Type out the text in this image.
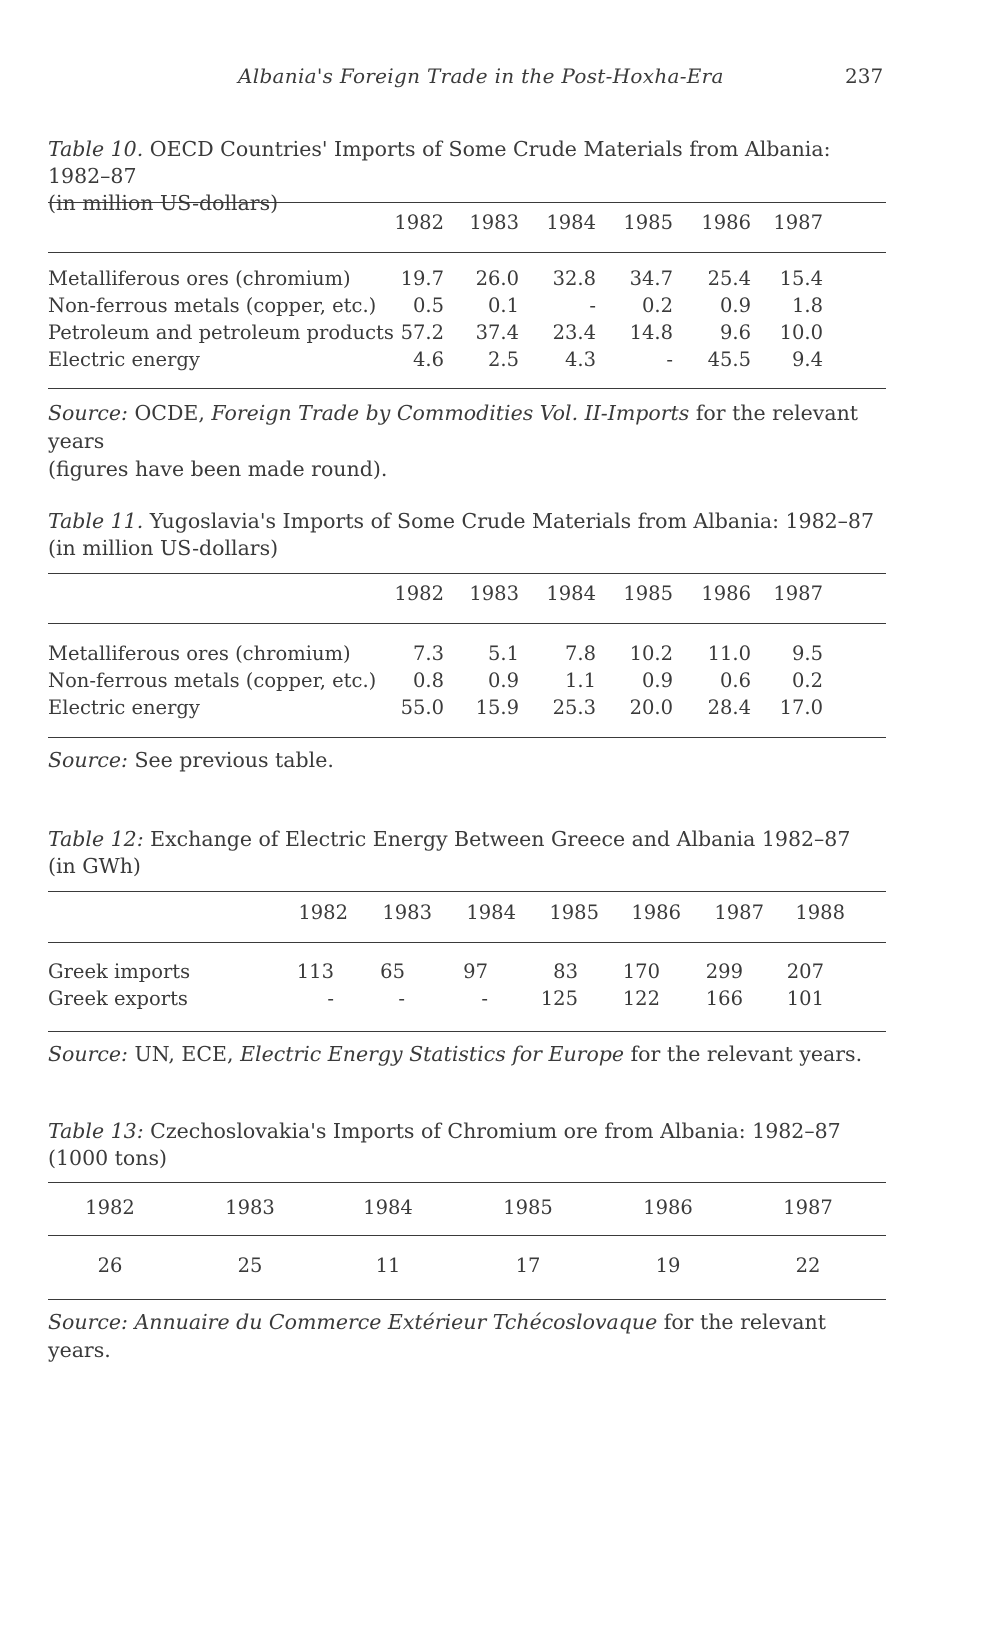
Albania's Foreign Trade in the Post-Hoxha-Era	237
Table 10. OECD Countries' Imports of Some Crude Materials from Albania: 1982–87
(in million US-dollars)
1982	1983	1984	1985	1986	1987
Metalliferous ores (chromium)	19.7	26.0	32.8	34.7	25.4	15.4
Non-ferrous metals (copper, etc.)	0.5	0.1	-	0.2	0.9	1.8
Petroleum and petroleum products 57.2	37.4	23.4	14.8	9.6	10.0
Electric energy	4.6	2.5	4.3	-	45.5	9.4
Source: OCDE, Foreign Trade by Commodities Vol. II-Imports for the relevant years
(figures have been made round).
Table 11. Yugoslavia's Imports of Some Crude Materials from Albania: 1982–87
(in million US-dollars)
1982	1983	1984	1985	1986	1987
Metalliferous ores (chromium)	7.3	5.1	7.8	10.2	11.0	9.5
Non-ferrous metals (copper, etc.)	0.8	0.9	1.1	0.9	0.6	0.2
Electric energy	55.0	15.9	25.3	20.0	28.4	17.0
Source: See previous table.
Table 12: Exchange of Electric Energy Between Greece and Albania 1982–87
(in GWh)
1982	1983	1984	1985	1986	1987	1988
Greek imports	113	65	97	83	170	299	207
Greek exports	-	-	-	125	122	166	101
Source: UN, ECE, Electric Energy Statistics for Europe for the relevant years.
Table 13: Czechoslovakia's Imports of Chromium ore from Albania: 1982–87
(1000 tons)
1982	1983	1984	1985	1986	1987
26	25	11	17	19	22
Source: Annuaire du Commerce Extérieur Tchécoslovaque for the relevant years.
